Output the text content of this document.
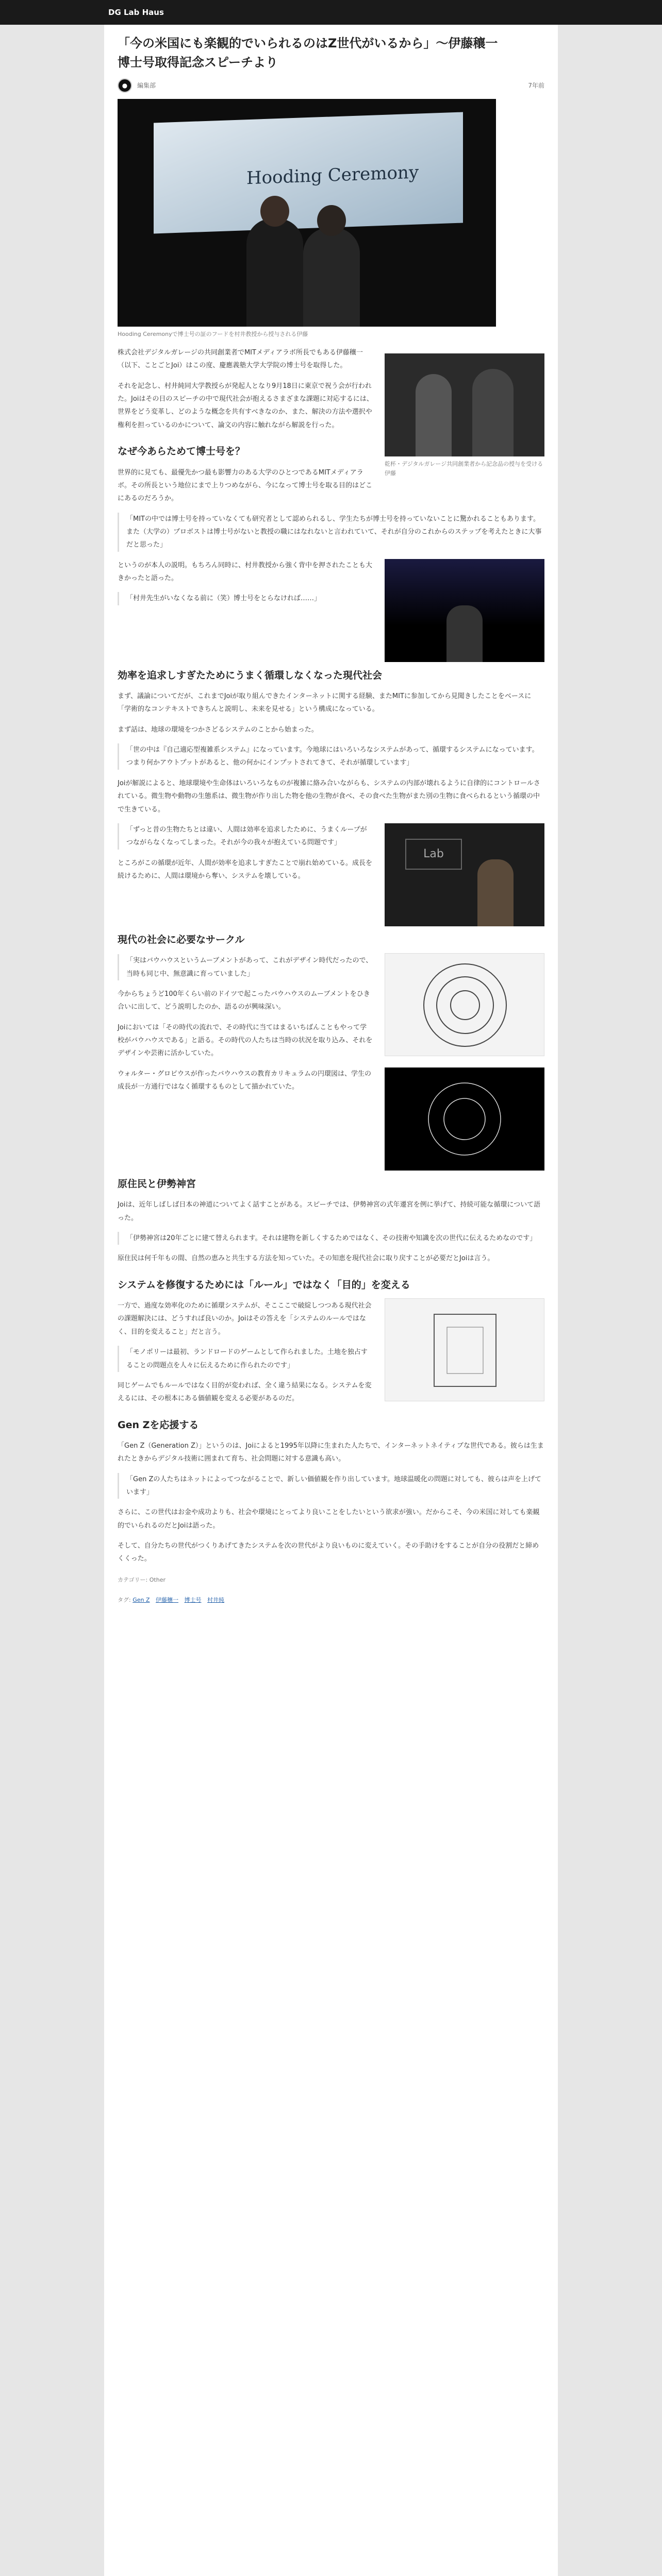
DG Lab Haus
「今の米国にも楽観的でいられるのはZ世代がいるから」〜伊藤穰一博士号取得記念スピーチより
●	編集部	7年前
Hooding Ceremony
Hooding Ceremonyで博士号の証のフードを村井教授から授与される伊藤
乾杯・デジタルガレージ共同創業者から記念品の授与を受ける伊藤

株式会社デジタルガレージの共同創業者でMITメディアラボ所長でもある伊藤穰一（以下、ことごとJoi）はこの度、慶應義塾大学大学院の博士号を取得した。

それを記念し、村井純同大学教授らが発起人となり9月18日に東京で祝う会が行われた。Joiはその日のスピーチの中で現代社会が抱えるさまざまな課題に対応するには、世界をどう変革し、どのような概念を共有すべきなのか、また、解決の方法や選択や権利を担っているのかについて、論文の内容に触れながら解説を行った。

なぜ今あらためて博士号を？

世界的に見ても、最優先かつ最も影響力のある大学のひとつであるMITメディアラボ。その所長という地位にまで上りつめながら、今になって博士号を取る目的はどこにあるのだろうか。

「MITの中では博士号を持っていなくても研究者として認められるし、学生たちが博士号を持っていないことに驚かれることもあります。また（大学の）プロボストは博士号がないと教授の職にはなれないと言われていて、それが自分のこれからのステップを考えたときに大事だと思った」

というのが本人の説明。もちろん同時に、村井教授から強く背中を押されたことも大きかったと語った。

「村井先生がいなくなる前に（笑）博士号をとらなければ……」

効率を追求しすぎたためにうまく循環しなくなった現代社会

まず、議論についてだが、これまでJoiが取り組んできたインターネットに関する経験、またMITに参加してから見聞きしたことをベースに「学術的なコンテキストできちんと説明し、未来を見せる」という構成になっている。

まず話は、地球の環境をつかさどるシステムのことから始まった。

「世の中は『自己適応型複雑系システム』になっています。今地球にはいろいろなシステムがあって、循環するシステムになっています。つまり何かアウトプットがあると、他の何かにインプットされてきて、それが循環しています」

Joiが解説によると、地球環境や生命体はいろいろなものが複雑に絡み合いながらも、システムの内部が壊れるように自律的にコントロールされている。微生物や動物の生態系は、微生物が作り出した物を他の生物が食べ、その食べた生物がまた別の生物に食べられるという循環の中で生きている。

Lab

「ずっと昔の生物たちとは違い、人間は効率を追求したために、うまくループがつながらなくなってしまった。それが今の我々が抱えている問題です」

ところがこの循環が近年、人間が効率を追求しすぎたことで崩れ始めている。成長を続けるために、人間は環境から奪い、システムを壊している。

現代の社会に必要なサークル

「実はバウハウスというムーブメントがあって、これがデザイン時代だったので、当時も同じ中、無意識に育っていました」

今からちょうど100年くらい前のドイツで起こったバウハウスのムーブメントをひき合いに出して、どう説明したのか、語るのが興味深い。

Joiにおいては「その時代の流れで、その時代に当てはまるいちばんこともやって学校がバウハウスである」と語る。その時代の人たちは当時の状況を取り込み、それをデザインや芸術に活かしていた。

ウォルター・グロピウスが作ったバウハウスの教育カリキュラムの円環図は、学生の成長が一方通行ではなく循環するものとして描かれていた。

原住民と伊勢神宮

Joiは、近年しばしば日本の神道についてよく話すことがある。スピーチでは、伊勢神宮の式年遷宮を例に挙げて、持続可能な循環について語った。

「伊勢神宮は20年ごとに建て替えられます。それは建物を新しくするためではなく、その技術や知識を次の世代に伝えるためなのです」

原住民は何千年もの間、自然の恵みと共生する方法を知っていた。その知恵を現代社会に取り戻すことが必要だとJoiは言う。

システムを修復するためには「ルール」ではなく「目的」を変える

一方で、過度な効率化のために循環システムが、そこここで破綻しつつある現代社会の課題解決には、どうすれば良いのか。Joiはその答えを「システムのルールではなく、目的を変えること」だと言う。

「モノポリーは最初、ランドロードのゲームとして作られました。土地を独占することの問題点を人々に伝えるために作られたのです」

同じゲームでもルールではなく目的が変われば、全く違う結果になる。システムを変えるには、その根本にある価値観を変える必要があるのだ。

Gen Zを応援する

「Gen Z（Generation Z）」というのは、Joiによると1995年以降に生まれた人たちで、インターネットネイティブな世代である。彼らは生まれたときからデジタル技術に囲まれて育ち、社会問題に対する意識も高い。

「Gen Zの人たちはネットによってつながることで、新しい価値観を作り出しています。地球温暖化の問題に対しても、彼らは声を上げています」

さらに、この世代はお金や成功よりも、社会や環境にとってより良いことをしたいという欲求が強い。だからこそ、今の米国に対しても楽観的でいられるのだとJoiは語った。

そして、自分たちの世代がつくりあげてきたシステムを次の世代がより良いものに変えていく。その手助けをすることが自分の役割だと締めくくった。

カテゴリー: Other
タグ: Gen Z 伊藤穰一 博士号 村井純
